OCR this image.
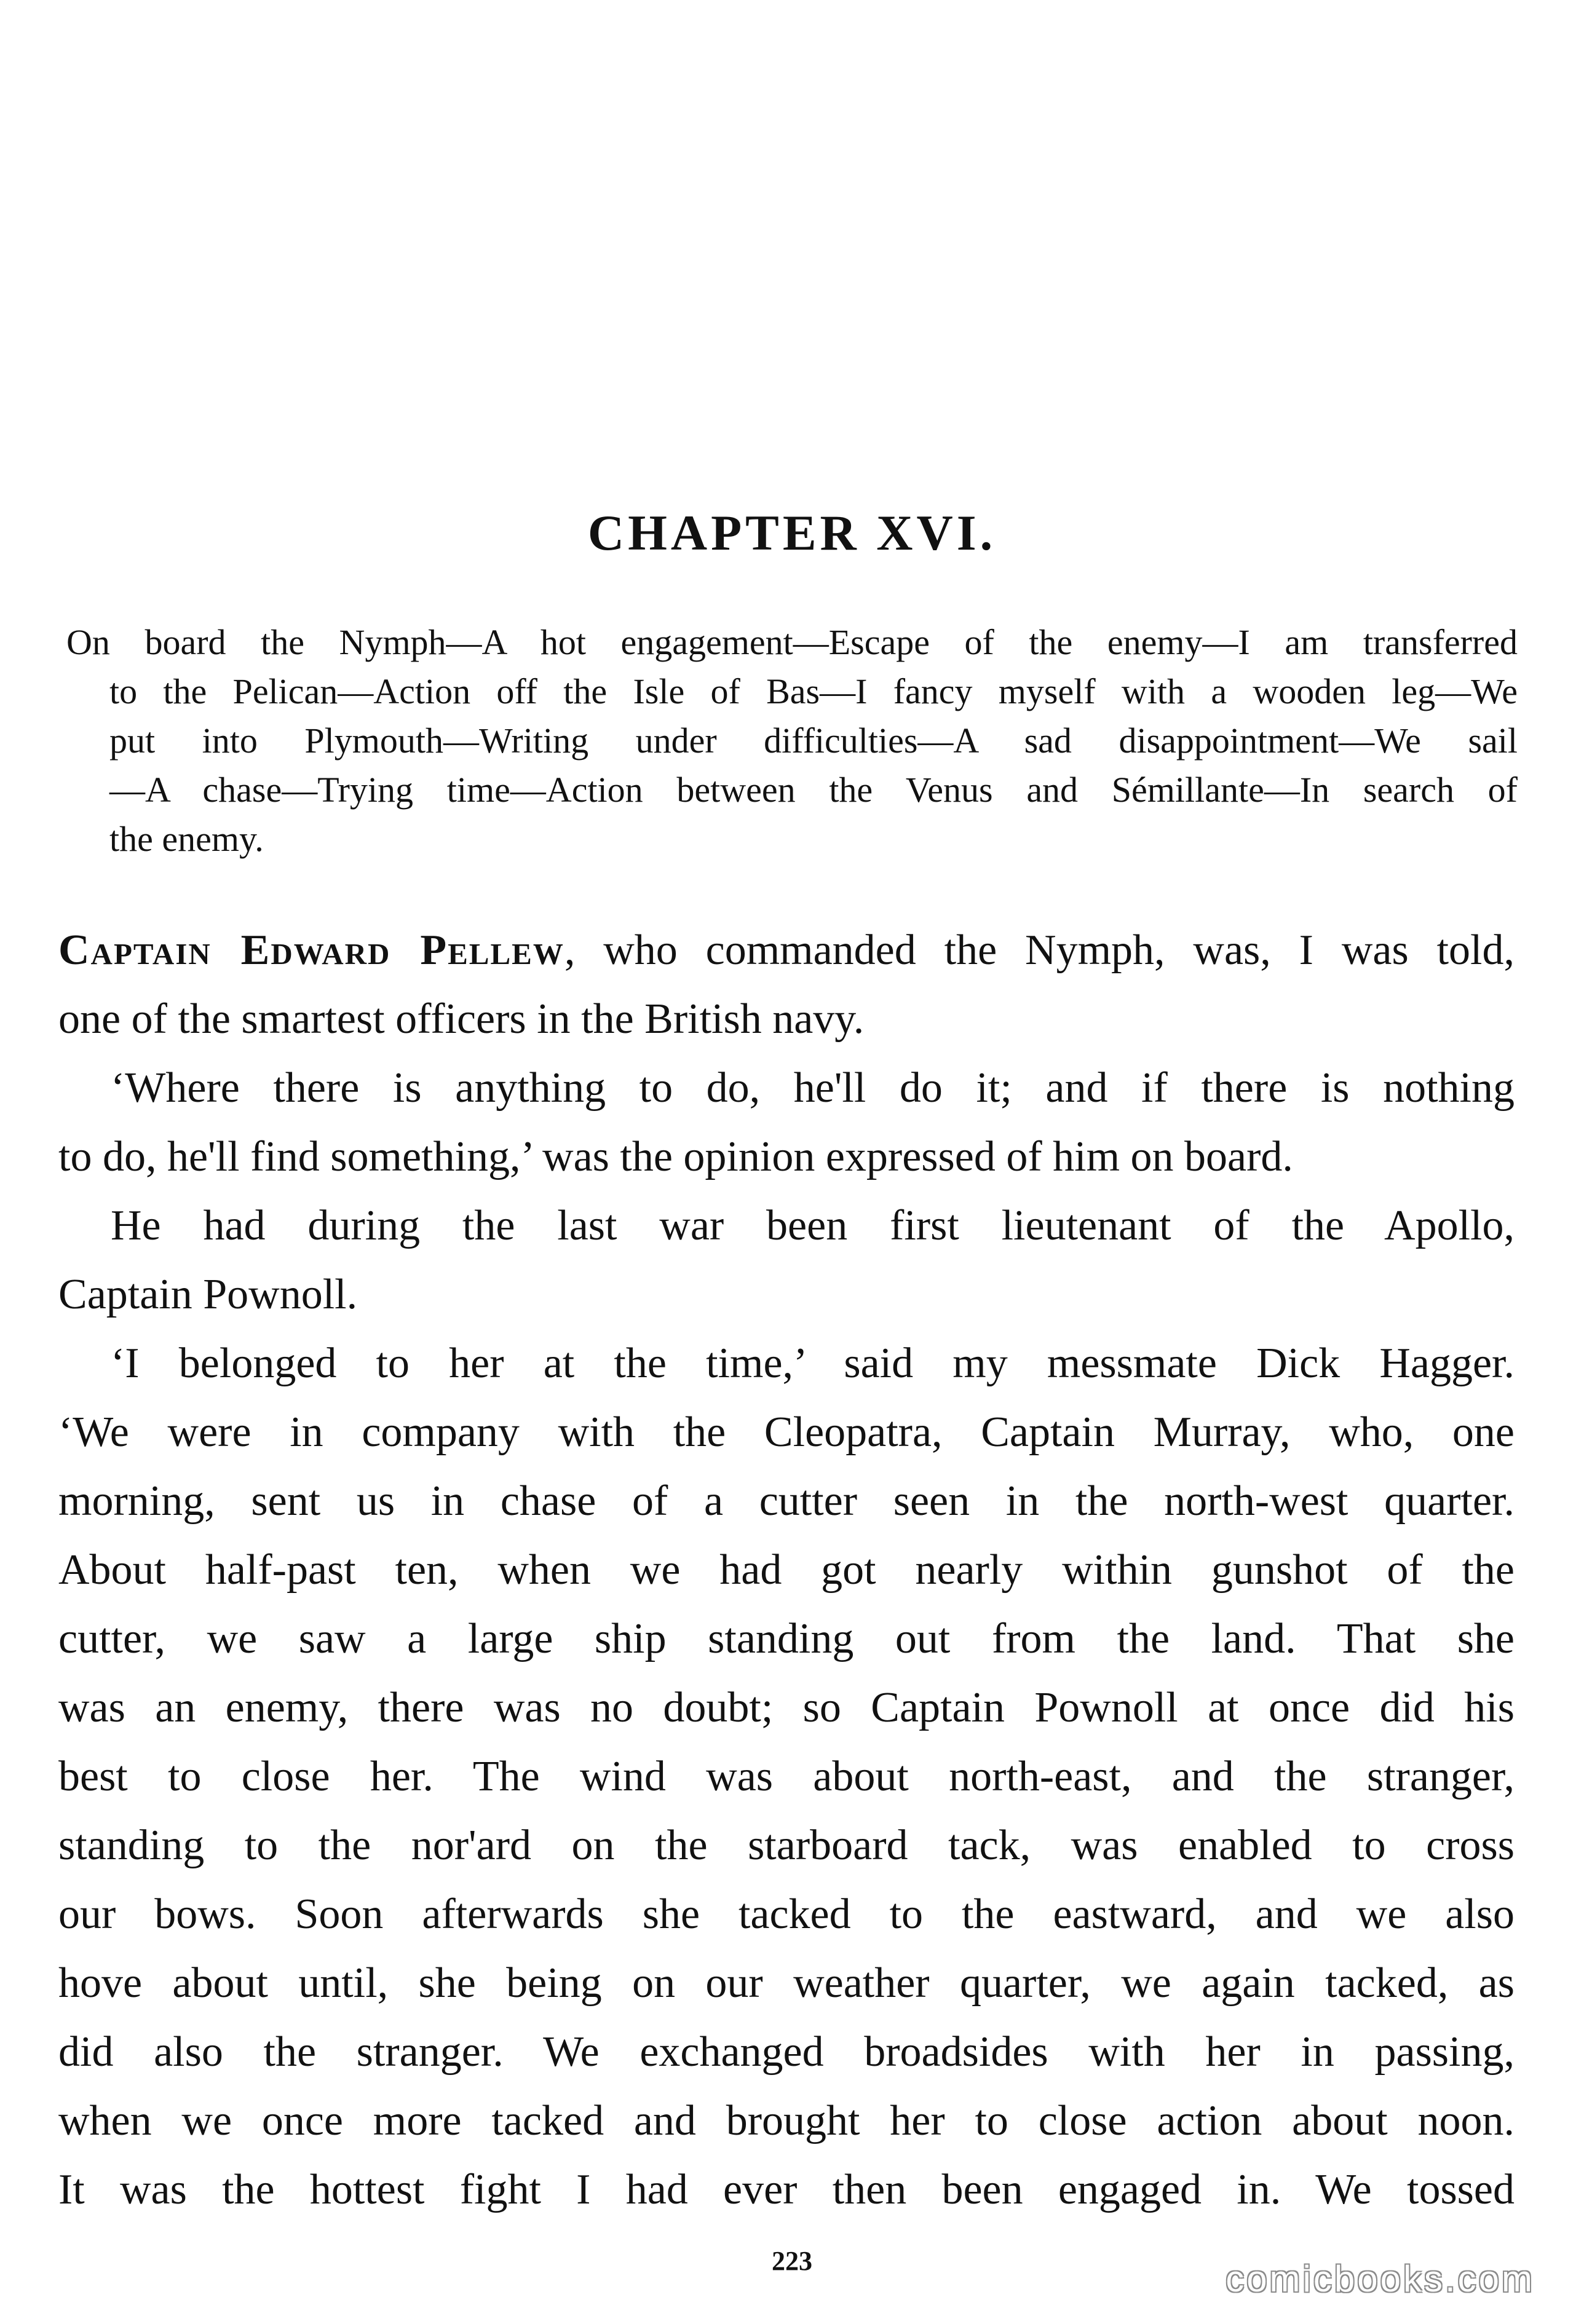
CHAPTER XVI.
On board the Nymph—A hot engagement—Escape of the enemy—I am transferred
to the Pelican—Action off the Isle of Bas—I fancy myself with a wooden leg—We
put into Plymouth—Writing under difficulties—A sad disappointment—We sail
—A chase—Trying time—Action between the Venus and Sémillante—In search of
the enemy.
Captain Edward Pellew, who commanded the Nymph, was, I was told,
one of the smartest officers in the British navy.
‘Where there is anything to do, he'll do it; and if there is nothing
to do, he'll find something,’ was the opinion expressed of him on board.
He had during the last war been first lieutenant of the Apollo,
Captain Pownoll.
‘I belonged to her at the time,’ said my messmate Dick Hagger.
‘We were in company with the Cleopatra, Captain Murray, who, one
morning, sent us in chase of a cutter seen in the north-west quarter.
About half-past ten, when we had got nearly within gunshot of the
cutter, we saw a large ship standing out from the land. That she
was an enemy, there was no doubt; so Captain Pownoll at once did his
best to close her. The wind was about north-east, and the stranger,
standing to the nor'ard on the starboard tack, was enabled to cross
our bows. Soon afterwards she tacked to the eastward, and we also
hove about until, she being on our weather quarter, we again tacked, as
did also the stranger. We exchanged broadsides with her in passing,
when we once more tacked and brought her to close action about noon.
It was the hottest fight I had ever then been engaged in. We tossed
223	comicbooks.com
